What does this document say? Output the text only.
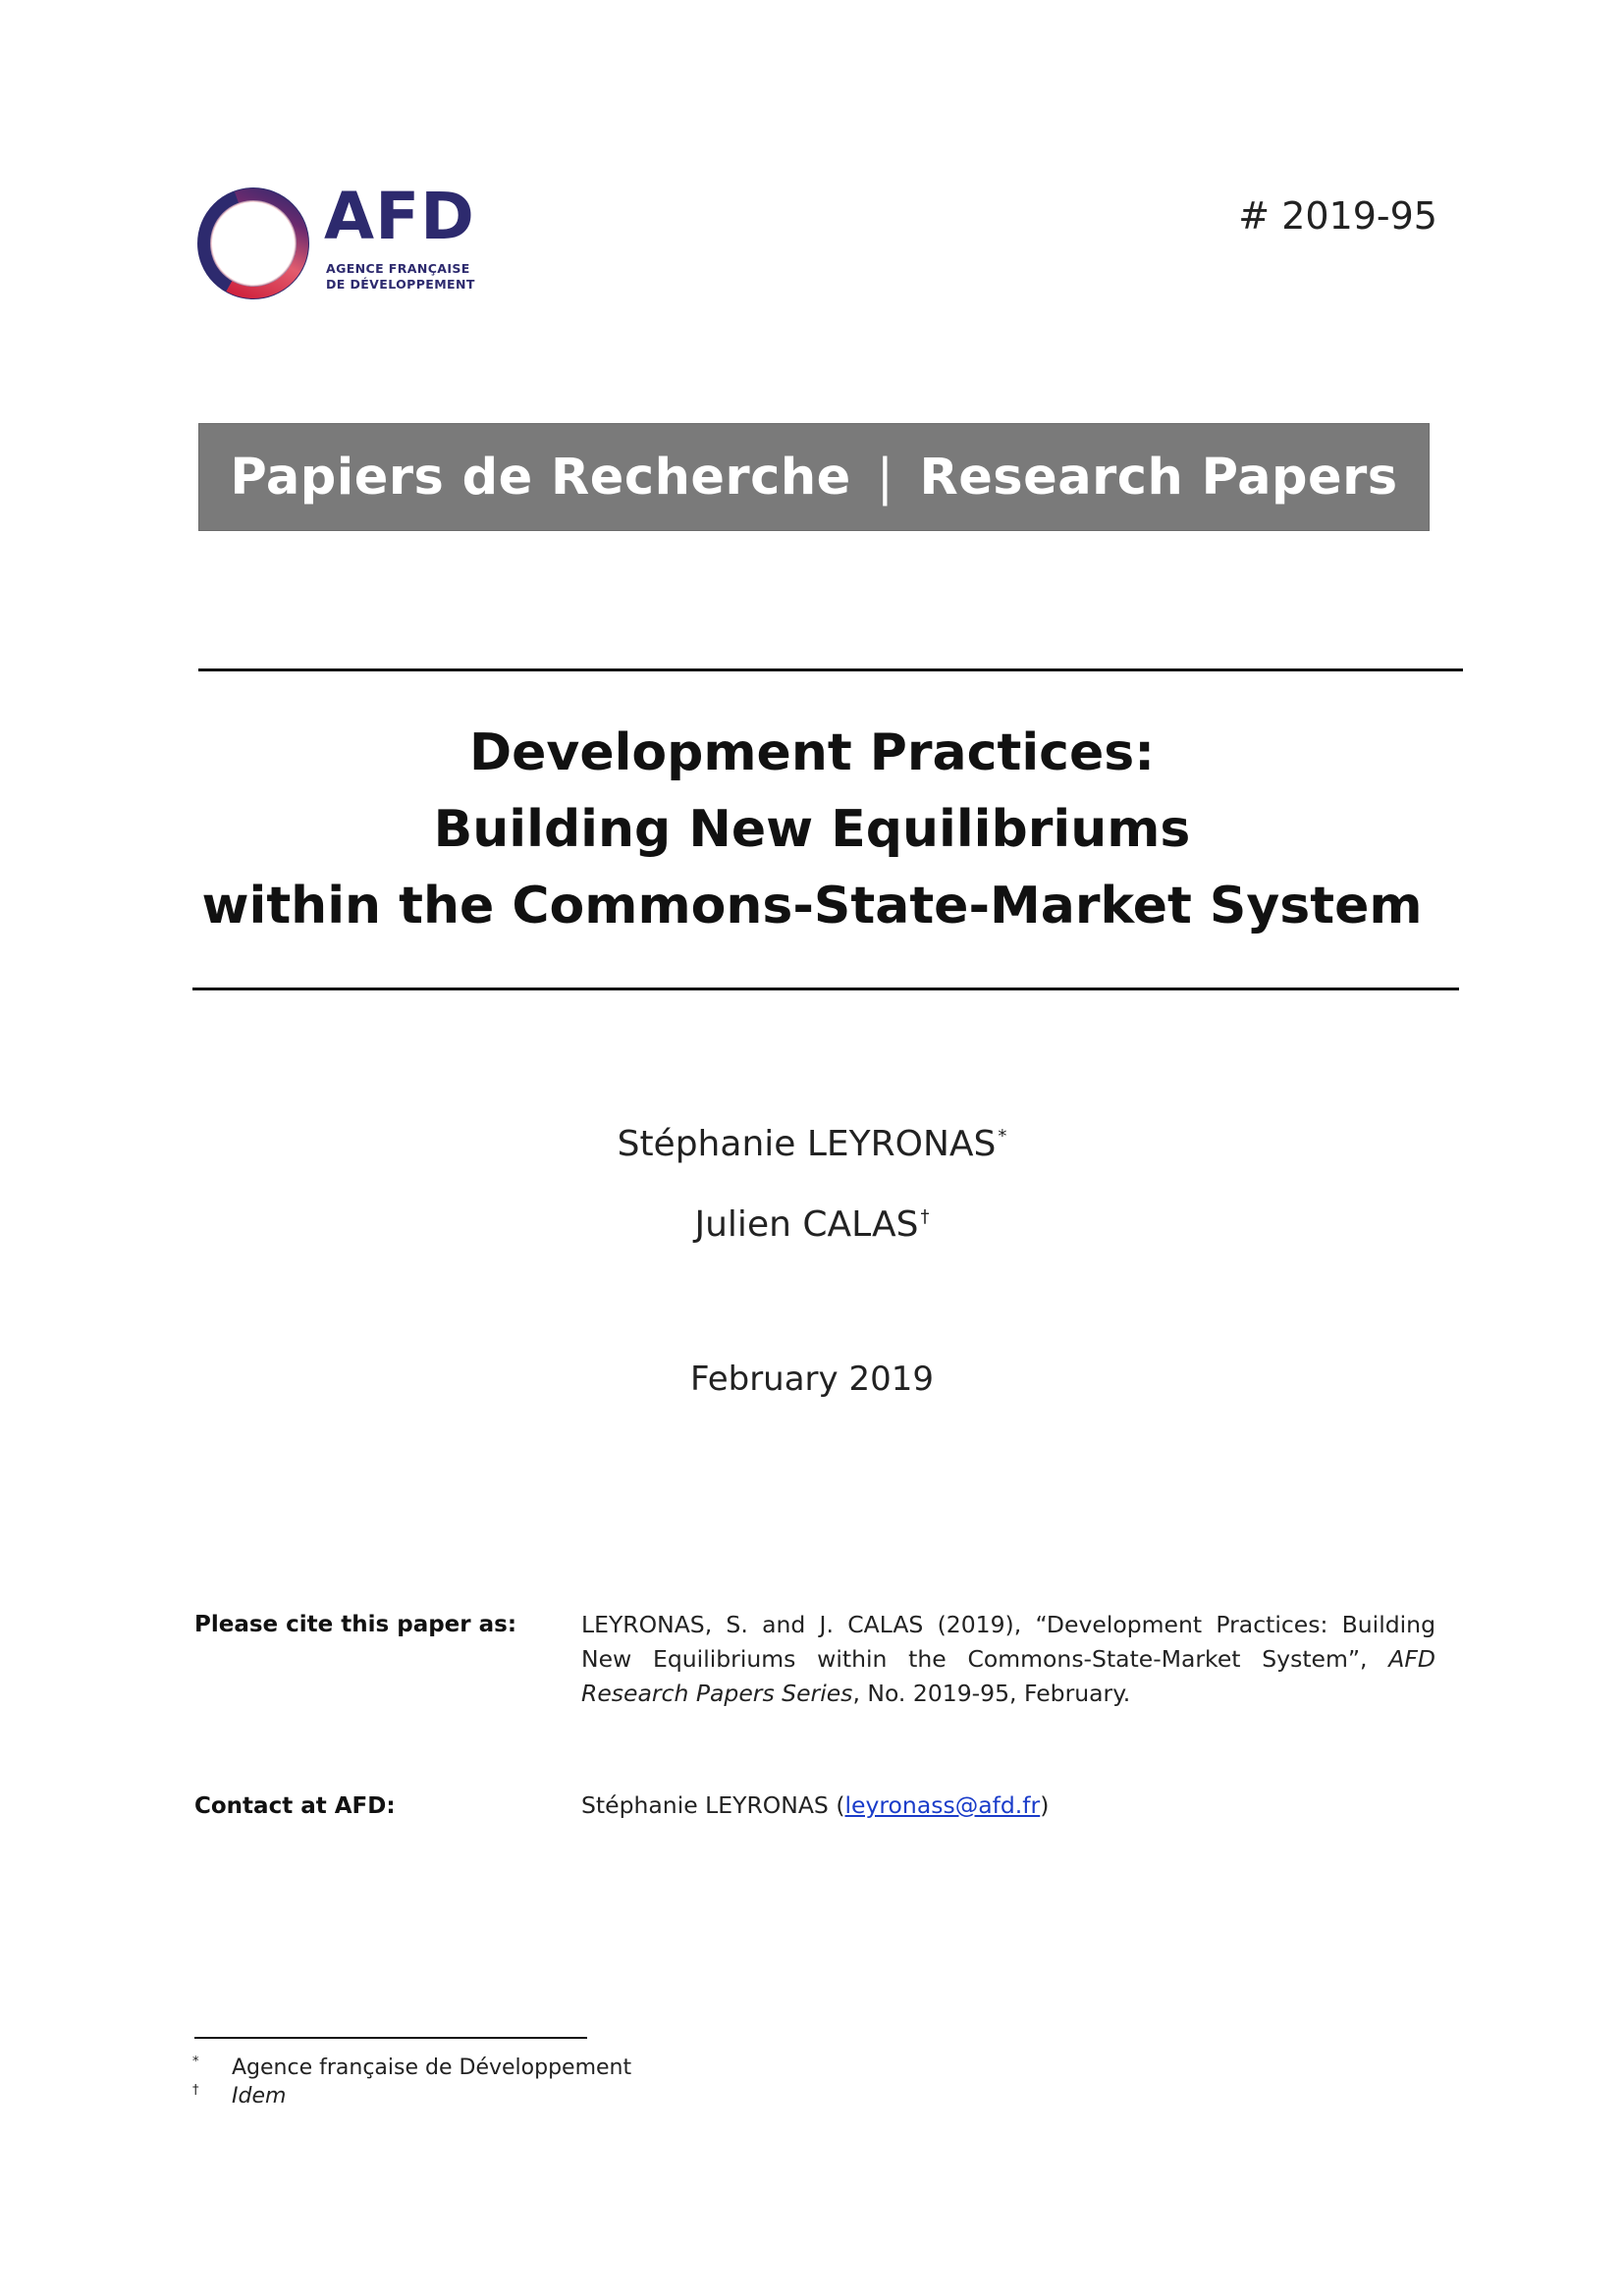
AFD
AGENCE FRANÇAISE
DE DÉVELOPPEMENT
# 2019-95
Papiers de Recherche | Research Papers
Development Practices:
Building New Equilibriums
within the Commons-State-Market System
Stéphanie LEYRONAS *
Julien CALAS †
February 2019
Please cite this paper as:	LEYRONAS, S. and J. CALAS (2019), “Development Practices: Building
New Equilibriums within the Commons-State-Market System”, AFD
Research Papers Series, No. 2019-95, February.
Contact at AFD:	Stéphanie LEYRONAS (leyronass@afd.fr)
* Agence française de Développement
† Idem
